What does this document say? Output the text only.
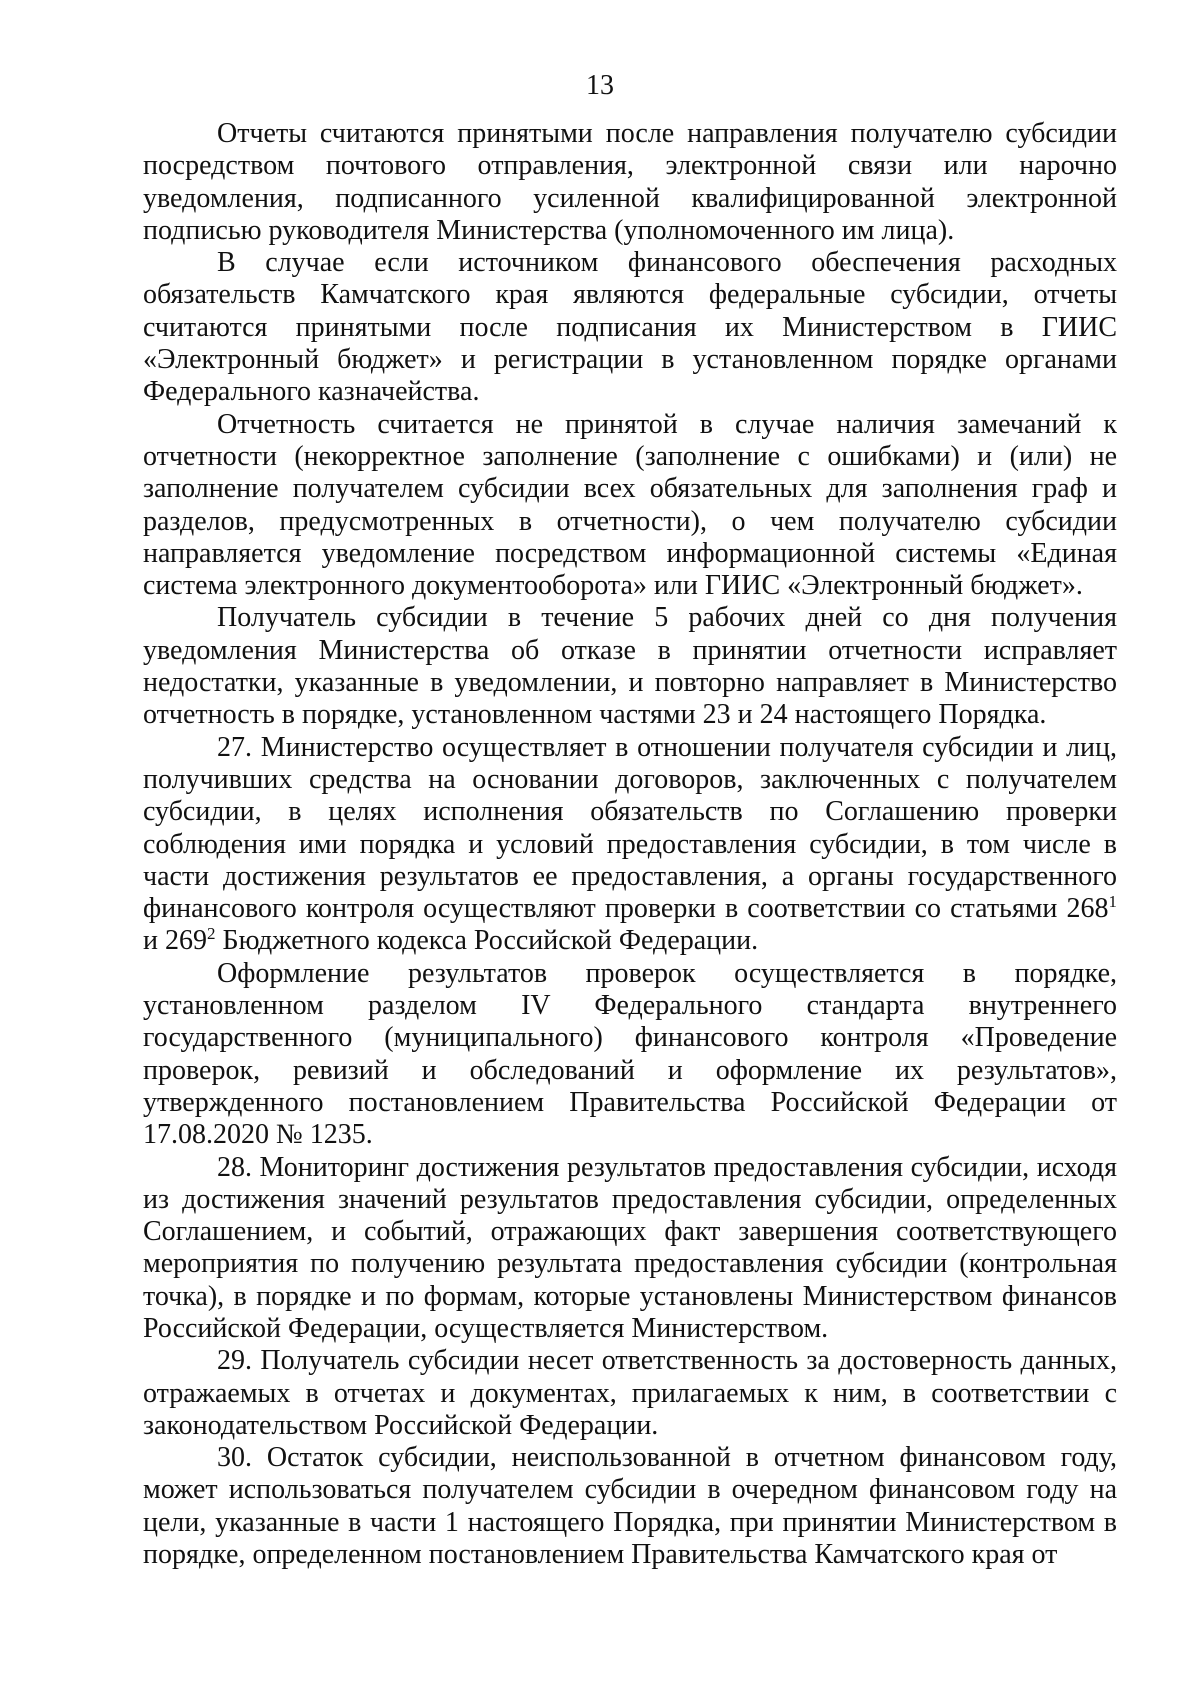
13

Отчеты считаются принятыми после направления получателю субсидии посредством почтового отправления, электронной связи или нарочно уведомления, подписанного усиленной квалифицированной электронной подписью руководителя Министерства (уполномоченного им лица).

В случае если источником финансового обеспечения расходных обязательств Камчатского края являются федеральные субсидии, отчеты считаются принятыми после подписания их Министерством в ГИИС «Электронный бюджет» и регистрации в установленном порядке органами Федерального казначейства.

Отчетность считается не принятой в случае наличия замечаний к отчетности (некорректное заполнение (заполнение с ошибками) и (или) не заполнение получателем субсидии всех обязательных для заполнения граф и разделов, предусмотренных в отчетности), о чем получателю субсидии направляется уведомление посредством информационной системы «Единая система электронного документооборота» или ГИИС «Электронный бюджет».

Получатель субсидии в течение 5 рабочих дней со дня получения уведомления Министерства об отказе в принятии отчетности исправляет недостатки, указанные в уведомлении, и повторно направляет в Министерство отчетность в порядке, установленном частями 23 и 24 настоящего Порядка.

27. Министерство осуществляет в отношении получателя субсидии и лиц, получивших средства на основании договоров, заключенных с получателем субсидии, в целях исполнения обязательств по Соглашению проверки соблюдения ими порядка и условий предоставления субсидии, в том числе в части достижения результатов ее предоставления, а органы государственного финансового контроля осуществляют проверки в соответствии со статьями $268^1$ и $269^2$ Бюджетного кодекса Российской Федерации.

Оформление результатов проверок осуществляется в порядке, установленном разделом IV Федерального стандарта внутреннего государственного (муниципального) финансового контроля «Проведение проверок, ревизий и обследований и оформление их результатов», утвержденного постановлением Правительства Российской Федерации от 17.08.2020 № 1235.

28. Мониторинг достижения результатов предоставления субсидии, исходя из достижения значений результатов предоставления субсидии, определенных Соглашением, и событий, отражающих факт завершения соответствующего мероприятия по получению результата предоставления субсидии (контрольная точка), в порядке и по формам, которые установлены Министерством финансов Российской Федерации, осуществляется Министерством.

29. Получатель субсидии несет ответственность за достоверность данных, отражаемых в отчетах и документах, прилагаемых к ним, в соответствии с законодательством Российской Федерации.

30. Остаток субсидии, неиспользованной в отчетном финансовом году, может использоваться получателем субсидии в очередном финансовом году на цели, указанные в части 1 настоящего Порядка, при принятии Министерством в порядке, определенном постановлением Правительства Камчатского края от
